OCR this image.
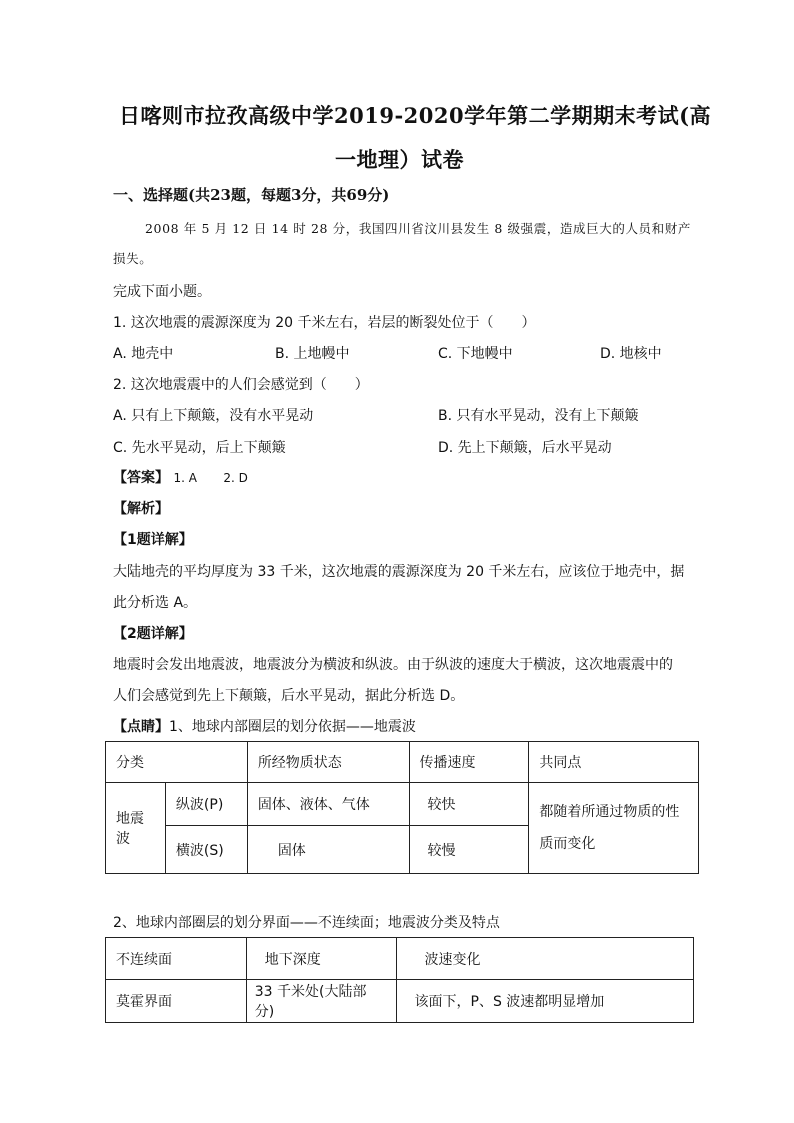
日喀则市拉孜高级中学2019-2020学年第二学期期末考试(高
一地理）试卷
一、选择题(共23题，每题3分，共69分)
2008 年 5 月 12 日 14 时 28 分，我国四川省汶川县发生 8 级强震，造成巨大的人员和财产
损失。
完成下面小题。
1. 这次地震的震源深度为 20 千米左右，岩层的断裂处位于（　　）
A. 地壳中	B. 上地幔中	C. 下地幔中	D. 地核中
2. 这次地震震中的人们会感觉到（　　）
A. 只有上下颠簸，没有水平晃动	B. 只有水平晃动，没有上下颠簸
C. 先水平晃动，后上下颠簸	D. 先上下颠簸，后水平晃动
【答案】 1. A 2. D
【解析】
【1题详解】
大陆地壳的平均厚度为 33 千米，这次地震的震源深度为 20 千米左右，应该位于地壳中，据
此分析选 A。
【2题详解】
地震时会发出地震波，地震波分为横波和纵波。由于纵波的速度大于横波，这次地震震中的
人们会感觉到先上下颠簸，后水平晃动，据此分析选 D。
【点睛】1、地球内部圈层的划分依据——地震波
分类		所经物质状态	传播速度	共同点
地震波	纵波(P)	固体、液体、气体	较快	都随着所通过物质的性质而变化
	横波(S)	固体	较慢	
2、地球内部圈层的划分界面——不连续面；地震波分类及特点
不连续面	地下深度	波速变化
莫霍界面	33 千米处(大陆部分)	该面下，P、S 波速都明显增加
